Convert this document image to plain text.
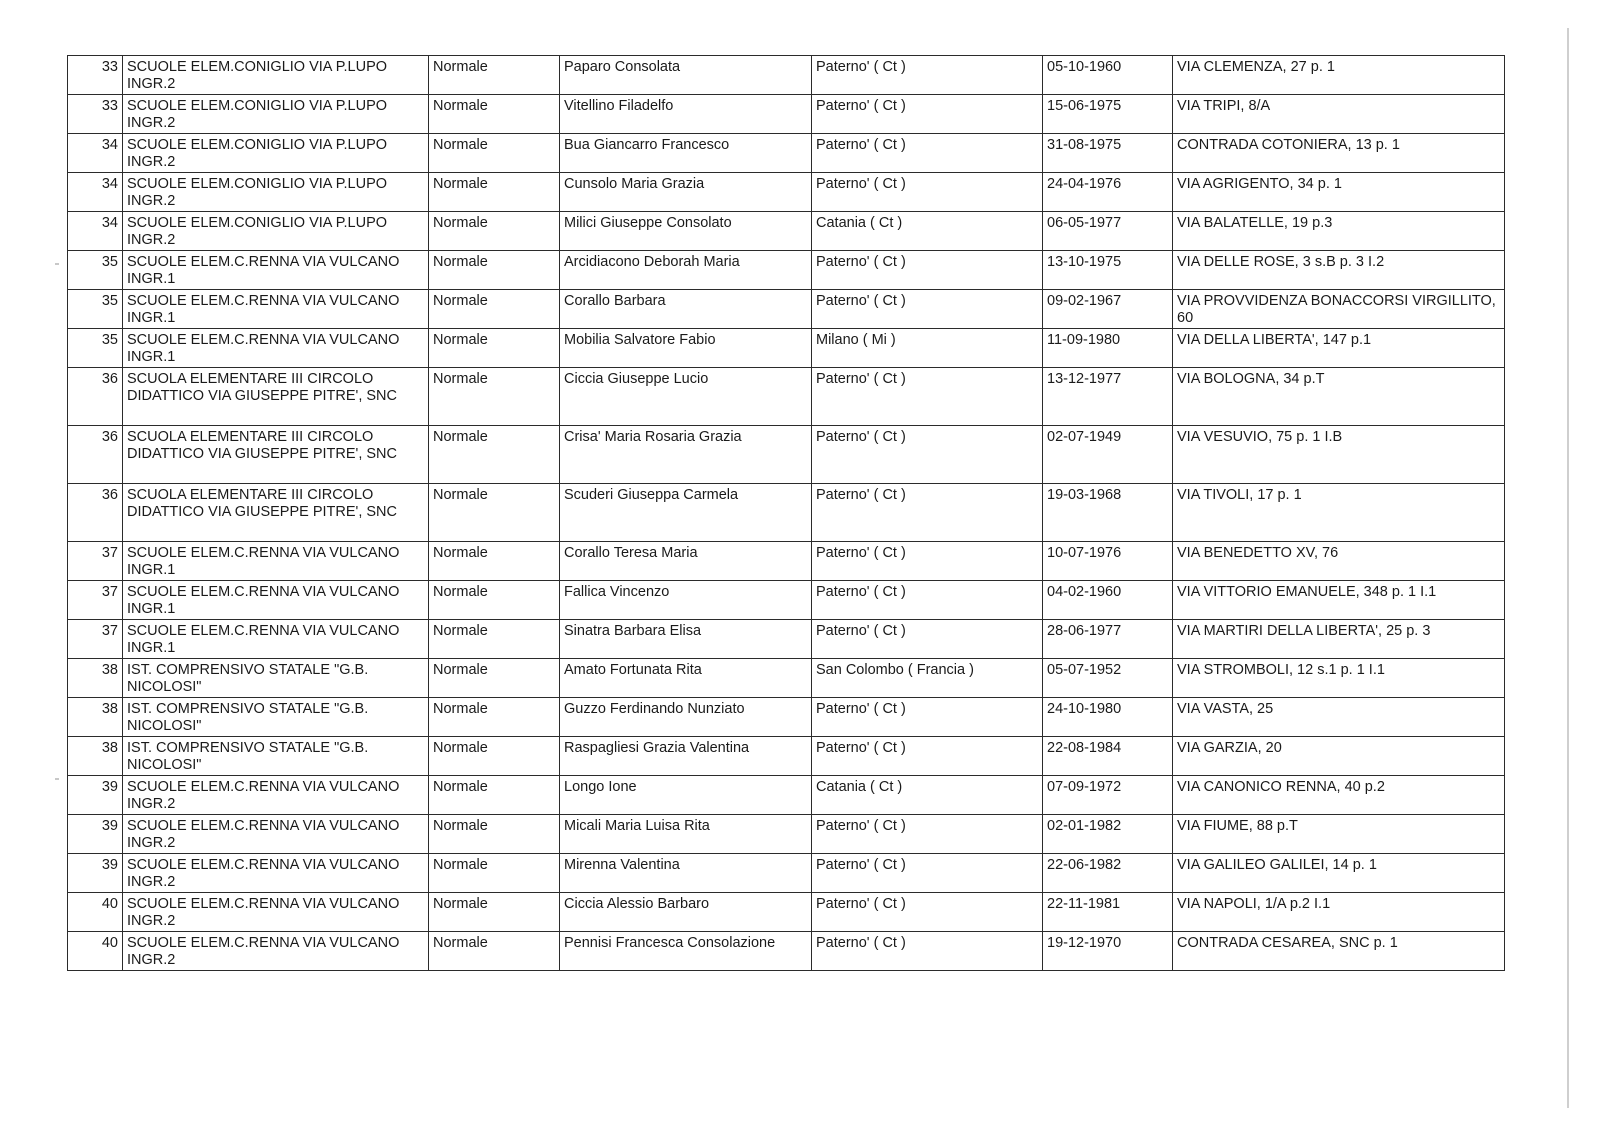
33	SCUOLE ELEM.CONIGLIO VIA P.LUPO INGR.2	Normale	Paparo Consolata	Paterno' ( Ct )	05-10-1960	VIA CLEMENZA, 27 p. 1
33	SCUOLE ELEM.CONIGLIO VIA P.LUPO INGR.2	Normale	Vitellino Filadelfo	Paterno' ( Ct )	15-06-1975	VIA TRIPI, 8/A
34	SCUOLE ELEM.CONIGLIO VIA P.LUPO INGR.2	Normale	Bua Giancarro Francesco	Paterno' ( Ct )	31-08-1975	CONTRADA COTONIERA, 13 p. 1
34	SCUOLE ELEM.CONIGLIO VIA P.LUPO INGR.2	Normale	Cunsolo Maria Grazia	Paterno' ( Ct )	24-04-1976	VIA AGRIGENTO, 34 p. 1
34	SCUOLE ELEM.CONIGLIO VIA P.LUPO INGR.2	Normale	Milici Giuseppe Consolato	Catania ( Ct )	06-05-1977	VIA BALATELLE, 19 p.3
35	SCUOLE ELEM.C.RENNA VIA VULCANO INGR.1	Normale	Arcidiacono Deborah Maria	Paterno' ( Ct )	13-10-1975	VIA DELLE ROSE, 3 s.B p. 3 I.2
35	SCUOLE ELEM.C.RENNA VIA VULCANO INGR.1	Normale	Corallo Barbara	Paterno' ( Ct )	09-02-1967	VIA PROVVIDENZA BONACCORSI VIRGILLITO, 60
35	SCUOLE ELEM.C.RENNA VIA VULCANO INGR.1	Normale	Mobilia Salvatore Fabio	Milano ( Mi )	11-09-1980	VIA DELLA LIBERTA', 147 p.1
36	SCUOLA ELEMENTARE III CIRCOLO DIDATTICO VIA GIUSEPPE PITRE', SNC	Normale	Ciccia Giuseppe Lucio	Paterno' ( Ct )	13-12-1977	VIA BOLOGNA, 34 p.T
36	SCUOLA ELEMENTARE III CIRCOLO DIDATTICO VIA GIUSEPPE PITRE', SNC	Normale	Crisa' Maria Rosaria Grazia	Paterno' ( Ct )	02-07-1949	VIA VESUVIO, 75 p. 1 I.B
36	SCUOLA ELEMENTARE III CIRCOLO DIDATTICO VIA GIUSEPPE PITRE', SNC	Normale	Scuderi Giuseppa Carmela	Paterno' ( Ct )	19-03-1968	VIA TIVOLI, 17 p. 1
37	SCUOLE ELEM.C.RENNA VIA VULCANO INGR.1	Normale	Corallo Teresa Maria	Paterno' ( Ct )	10-07-1976	VIA BENEDETTO XV, 76
37	SCUOLE ELEM.C.RENNA VIA VULCANO INGR.1	Normale	Fallica Vincenzo	Paterno' ( Ct )	04-02-1960	VIA VITTORIO EMANUELE, 348 p. 1 I.1
37	SCUOLE ELEM.C.RENNA VIA VULCANO INGR.1	Normale	Sinatra Barbara Elisa	Paterno' ( Ct )	28-06-1977	VIA MARTIRI DELLA LIBERTA', 25 p. 3
38	IST. COMPRENSIVO STATALE "G.B. NICOLOSI"	Normale	Amato Fortunata Rita	San Colombo ( Francia )	05-07-1952	VIA STROMBOLI, 12 s.1 p. 1 I.1
38	IST. COMPRENSIVO STATALE "G.B. NICOLOSI"	Normale	Guzzo Ferdinando Nunziato	Paterno' ( Ct )	24-10-1980	VIA VASTA, 25
38	IST. COMPRENSIVO STATALE "G.B. NICOLOSI"	Normale	Raspagliesi Grazia Valentina	Paterno' ( Ct )	22-08-1984	VIA GARZIA, 20
39	SCUOLE ELEM.C.RENNA VIA VULCANO INGR.2	Normale	Longo Ione	Catania ( Ct )	07-09-1972	VIA CANONICO RENNA, 40 p.2
39	SCUOLE ELEM.C.RENNA VIA VULCANO INGR.2	Normale	Micali Maria Luisa Rita	Paterno' ( Ct )	02-01-1982	VIA FIUME, 88 p.T
39	SCUOLE ELEM.C.RENNA VIA VULCANO INGR.2	Normale	Mirenna Valentina	Paterno' ( Ct )	22-06-1982	VIA GALILEO GALILEI, 14 p. 1
40	SCUOLE ELEM.C.RENNA VIA VULCANO INGR.2	Normale	Ciccia Alessio Barbaro	Paterno' ( Ct )	22-11-1981	VIA NAPOLI, 1/A p.2 I.1
40	SCUOLE ELEM.C.RENNA VIA VULCANO INGR.2	Normale	Pennisi Francesca Consolazione	Paterno' ( Ct )	19-12-1970	CONTRADA CESAREA, SNC p. 1
